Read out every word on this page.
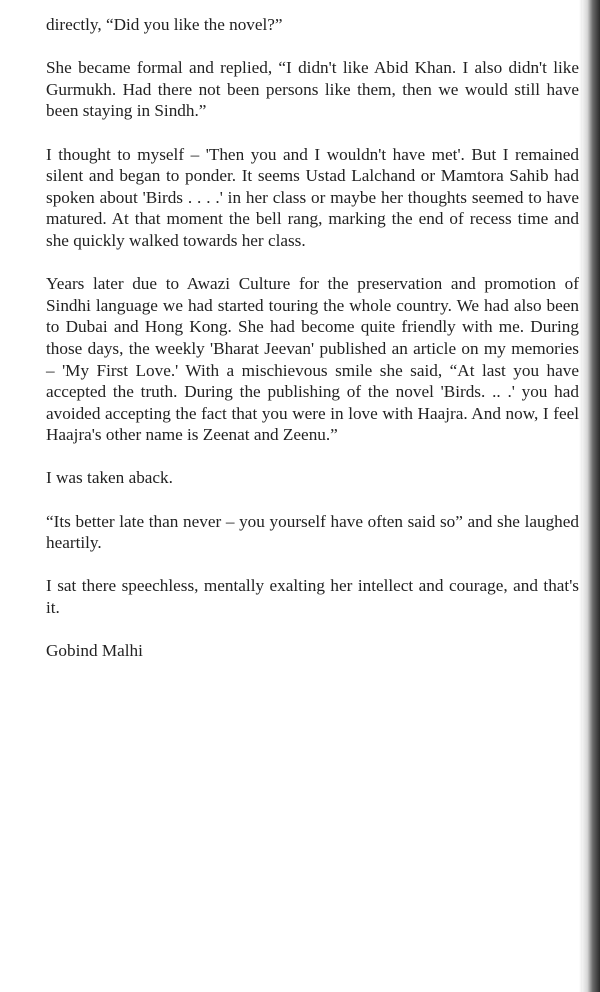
directly, “Did you like the novel?”

She became formal and replied, “I didn't like Abid Khan. I also didn't like Gurmukh. Had there not been persons like them, then we would still have been staying in Sindh.”

I thought to myself – 'Then you and I wouldn't have met'. But I remained silent and began to ponder. It seems Ustad Lalchand or Mamtora Sahib had spoken about 'Birds . . . .' in her class or maybe her thoughts seemed to have matured. At that moment the bell rang, marking the end of recess time and she quickly walked towards her class.

Years later due to Awazi Culture for the preservation and promotion of Sindhi language we had started touring the whole country. We had also been to Dubai and Hong Kong. She had become quite friendly with me. During those days, the weekly 'Bharat Jeevan' published an article on my memories – 'My First Love.' With a mischievous smile she said, “At last you have accepted the truth. During the publishing of the novel 'Birds. .. .' you had avoided accepting the fact that you were in love with Haajra. And now, I feel Haajra's other name is Zeenat and Zeenu.”

I was taken aback.

“Its better late than never – you yourself have often said so” and she laughed heartily.

I sat there speechless, mentally exalting her intellect and courage, and that's it.

Gobind Malhi
